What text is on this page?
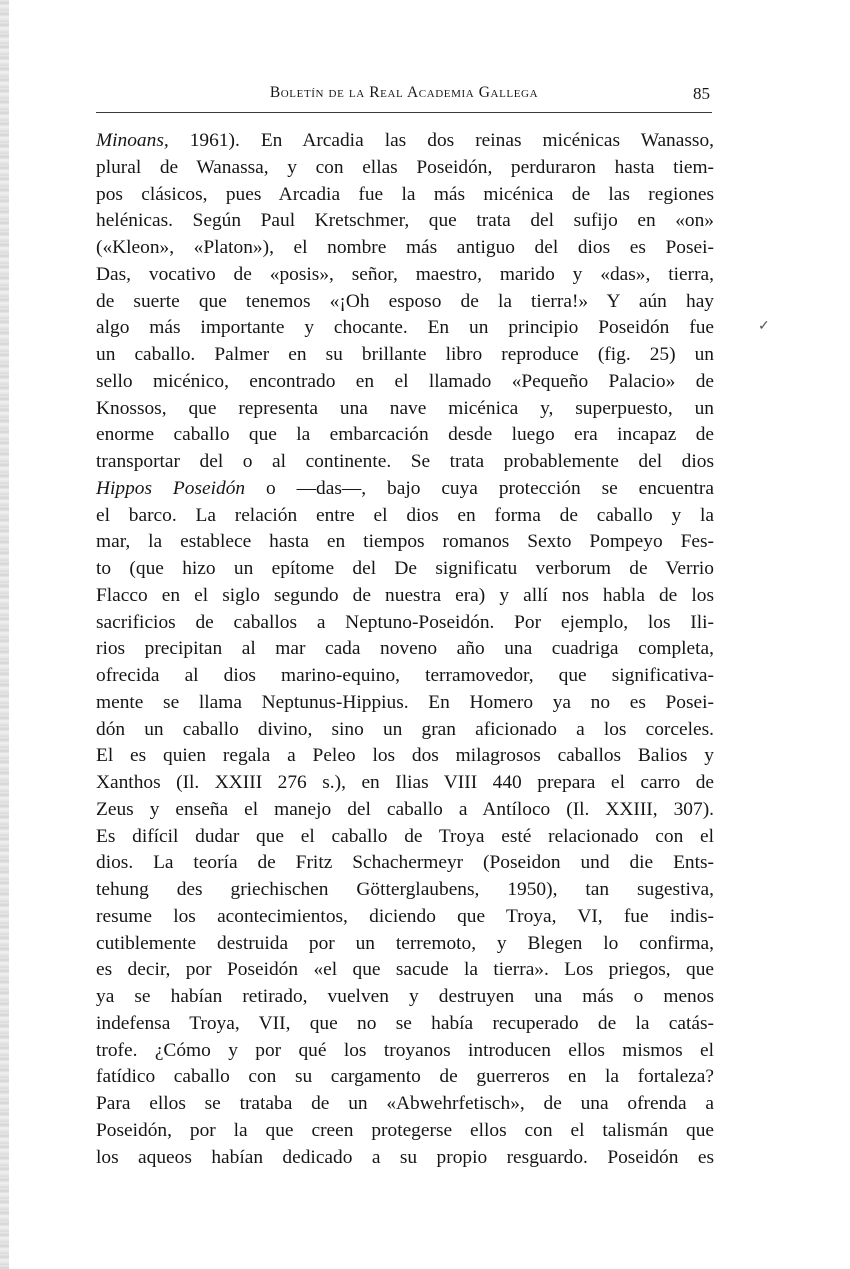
Boletín de la Real Academia Gallega	85
✓
Minoans, 1961). En Arcadia las dos reinas micénicas Wanasso,
plural de Wanassa, y con ellas Poseidón, perduraron hasta tiem-
pos clásicos, pues Arcadia fue la más micénica de las regiones
helénicas. Según Paul Kretschmer, que trata del sufijo en «on»
(«Kleon», «Platon»), el nombre más antiguo del dios es Posei-
Das, vocativo de «posis», señor, maestro, marido y «das», tierra,
de suerte que tenemos «¡Oh esposo de la tierra!» Y aún hay
algo más importante y chocante. En un principio Poseidón fue
un caballo. Palmer en su brillante libro reproduce (fig. 25) un
sello micénico, encontrado en el llamado «Pequeño Palacio» de
Knossos, que representa una nave micénica y, superpuesto, un
enorme caballo que la embarcación desde luego era incapaz de
transportar del o al continente. Se trata probablemente del dios
Hippos Poseidón o —das—, bajo cuya protección se encuentra
el barco. La relación entre el dios en forma de caballo y la
mar, la establece hasta en tiempos romanos Sexto Pompeyo Fes-
to (que hizo un epítome del De significatu verborum de Verrio
Flacco en el siglo segundo de nuestra era) y allí nos habla de los
sacrificios de caballos a Neptuno-Poseidón. Por ejemplo, los Ili-
rios precipitan al mar cada noveno año una cuadriga completa,
ofrecida al dios marino-equino, terramovedor, que significativa-
mente se llama Neptunus-Hippius. En Homero ya no es Posei-
dón un caballo divino, sino un gran aficionado a los corceles.
El es quien regala a Peleo los dos milagrosos caballos Balios y
Xanthos (Il. XXIII 276 s.), en Ilias VIII 440 prepara el carro de
Zeus y enseña el manejo del caballo a Antíloco (Il. XXIII, 307).
Es difícil dudar que el caballo de Troya esté relacionado con el
dios. La teoría de Fritz Schachermeyr (Poseidon und die Ents-
tehung des griechischen Götterglaubens, 1950), tan sugestiva,
resume los acontecimientos, diciendo que Troya, VI, fue indis-
cutiblemente destruida por un terremoto, y Blegen lo confirma,
es decir, por Poseidón «el que sacude la tierra». Los priegos, que
ya se habían retirado, vuelven y destruyen una más o menos
indefensa Troya, VII, que no se había recuperado de la catás-
trofe. ¿Cómo y por qué los troyanos introducen ellos mismos el
fatídico caballo con su cargamento de guerreros en la fortaleza?
Para ellos se trataba de un «Abwehrfetisch», de una ofrenda a
Poseidón, por la que creen protegerse ellos con el talismán que
los aqueos habían dedicado a su propio resguardo. Poseidón es
